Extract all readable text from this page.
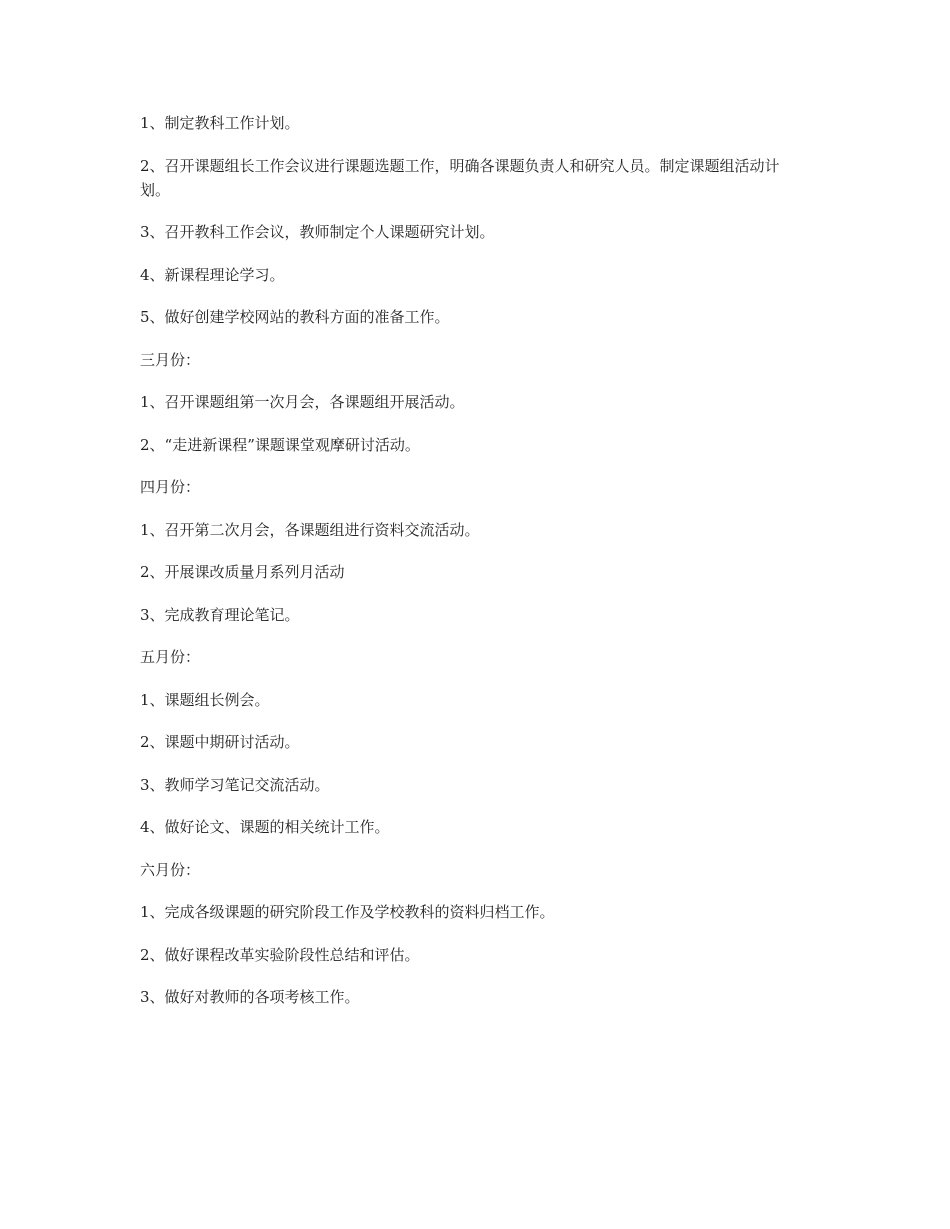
1、制定教科工作计划。

2、召开课题组长工作会议进行课题选题工作，明确各课题负责人和研究人员。制定课题组活动计划。

3、召开教科工作会议，教师制定个人课题研究计划。

4、新课程理论学习。

5、做好创建学校网站的教科方面的准备工作。

三月份：

1、召开课题组第一次月会，各课题组开展活动。

2、“走进新课程”课题课堂观摩研讨活动。

四月份：

1、召开第二次月会，各课题组进行资料交流活动。

2、开展课改质量月系列月活动

3、完成教育理论笔记。

五月份：

1、课题组长例会。

2、课题中期研讨活动。

3、教师学习笔记交流活动。

4、做好论文、课题的相关统计工作。

六月份：

1、完成各级课题的研究阶段工作及学校教科的资料归档工作。

2、做好课程改革实验阶段性总结和评估。

3、做好对教师的各项考核工作。
